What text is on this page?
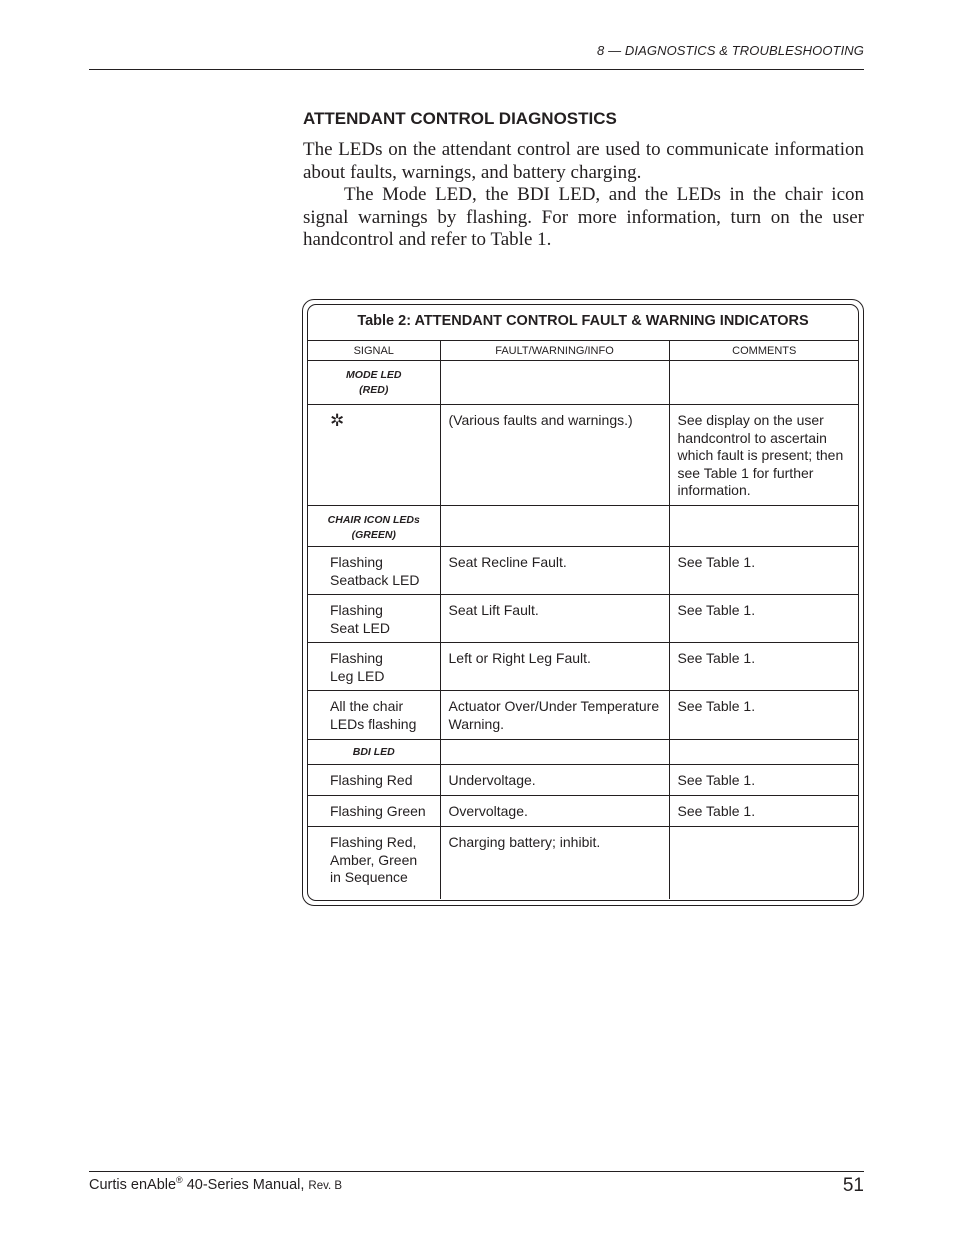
8 — DIAGNOSTICS & TROUBLESHOOTING
ATTENDANT CONTROL DIAGNOSTICS

The LEDs on the attendant control are used to communicate information about faults, warnings, and battery charging.

The Mode LED, the BDI LED, and the LEDs in the chair icon signal warnings by flashing. For more information, turn on the user handcontrol and refer to Table 1.

Table 2: ATTENDANT CONTROL FAULT & WARNING INDICATORS
SIGNAL	FAULT/WARNING/INFO	COMMENTS

MODE LED
(RED)		

✲	(Various faults and warnings.)	See display on the user handcontrol to ascertain which fault is present; then see Table 1 for further information.

CHAIR ICON LEDs
(GREEN)		

Flashing
Seatback LED	Seat Recline Fault.	See Table 1.

Flashing
Seat LED	Seat Lift Fault.	See Table 1.

Flashing
Leg LED	Left or Right Leg Fault.	See Table 1.

All the chair
LEDs flashing	Actuator Over/Under Temperature Warning.	See Table 1.

BDI LED		

Flashing Red	Undervoltage.	See Table 1.
Flashing Green	Overvoltage.	See Table 1.

Flashing Red,
Amber, Green
in Sequence	Charging battery; inhibit.	
Curtis enAble® 40-Series Manual, Rev. B	51
